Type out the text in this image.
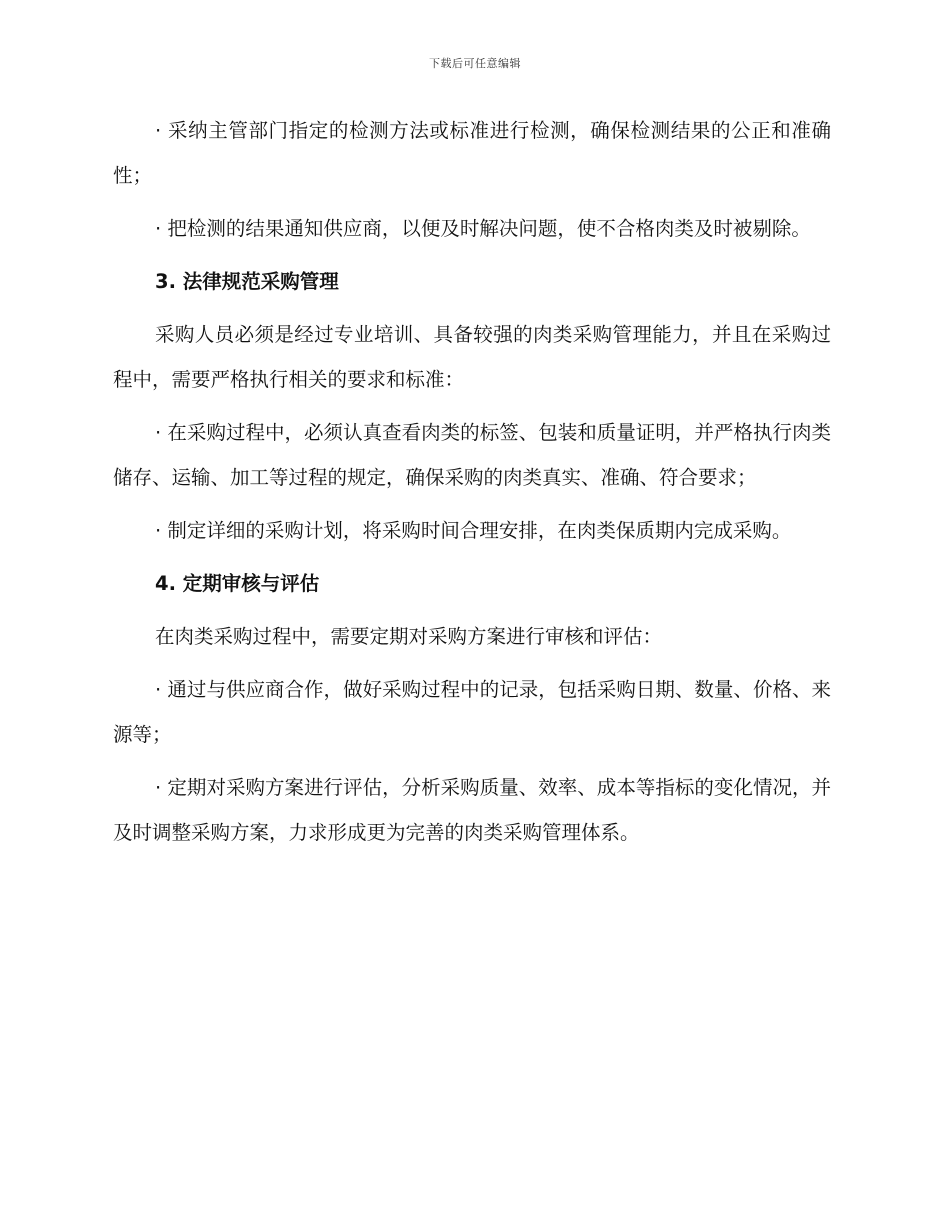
下载后可任意编辑

· 采纳主管部门指定的检测方法或标准进行检测，确保检测结果的公正和准确性；

· 把检测的结果通知供应商，以便及时解决问题，使不合格肉类及时被剔除。

3. 法律规范采购管理

采购人员必须是经过专业培训、具备较强的肉类采购管理能力，并且在采购过程中，需要严格执行相关的要求和标准：

· 在采购过程中，必须认真查看肉类的标签、包装和质量证明，并严格执行肉类储存、运输、加工等过程的规定，确保采购的肉类真实、准确、符合要求；

· 制定详细的采购计划，将采购时间合理安排，在肉类保质期内完成采购。

4. 定期审核与评估

在肉类采购过程中，需要定期对采购方案进行审核和评估：

· 通过与供应商合作，做好采购过程中的记录，包括采购日期、数量、价格、来源等；

· 定期对采购方案进行评估，分析采购质量、效率、成本等指标的变化情况，并及时调整采购方案，力求形成更为完善的肉类采购管理体系。
